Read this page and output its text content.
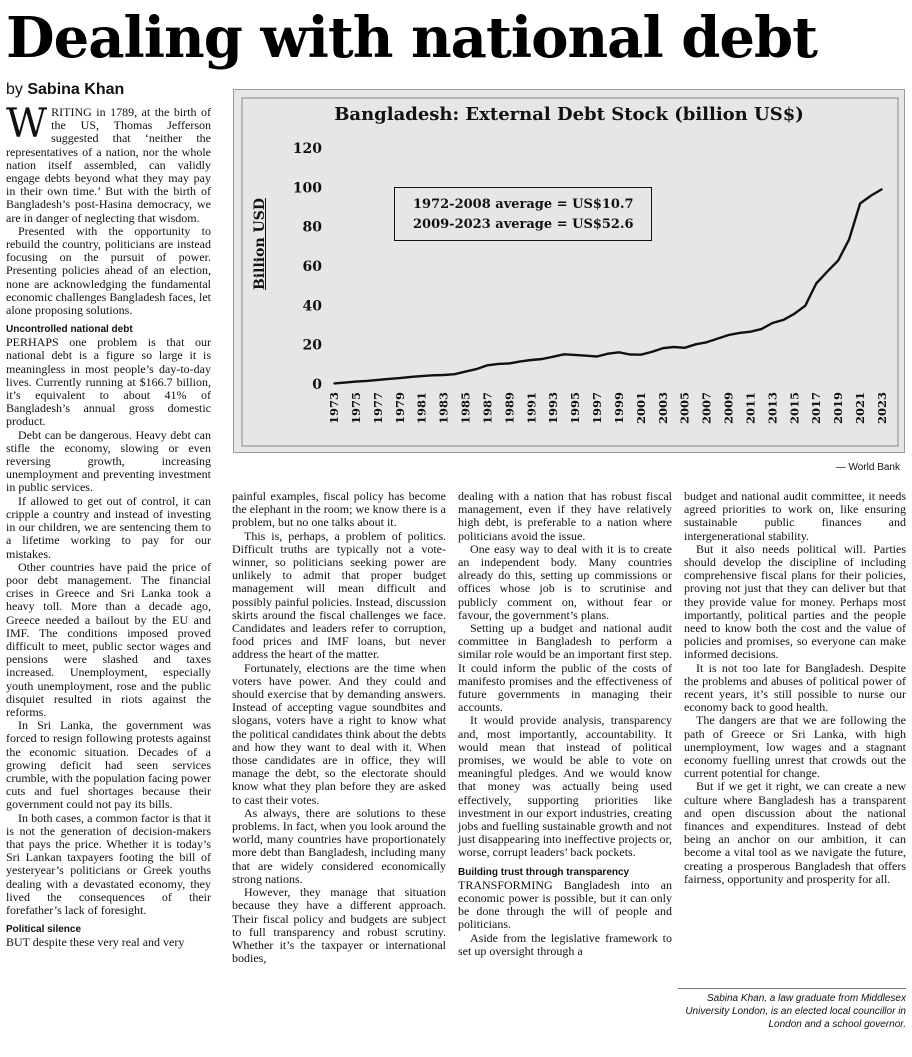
Dealing with national debt
by Sabina Khan

WRITING in 1789, at the birth of the US, Thomas Jefferson suggested that ‘neither the representatives of a nation, nor the whole nation itself assembled, can validly engage debts beyond what they may pay in their own time.’ But with the birth of Bangladesh’s post-Hasina democracy, we are in danger of neglecting that wisdom.

Presented with the opportunity to rebuild the country, politicians are instead focusing on the pursuit of power. Presenting policies ahead of an election, none are acknowledging the fundamental economic challenges Bangladesh faces, let alone proposing solutions.

Uncontrolled national debt

PERHAPS one problem is that our national debt is a figure so large it is meaningless in most people’s day-to-day lives. Currently running at $166.7 billion, it’s equivalent to about 41% of Bangladesh’s annual gross domestic product.

Debt can be dangerous. Heavy debt can stifle the economy, slowing or even reversing growth, increasing unemployment and preventing investment in public services.

If allowed to get out of control, it can cripple a country and instead of investing in our children, we are sentencing them to a lifetime working to pay for our mistakes.

Other countries have paid the price of poor debt management. The financial crises in Greece and Sri Lanka took a heavy toll. More than a decade ago, Greece needed a bailout by the EU and IMF. The conditions imposed proved difficult to meet, public sector wages and pensions were slashed and taxes increased. Unemployment, especially youth unemployment, rose and the public disquiet resulted in riots against the reforms.

In Sri Lanka, the government was forced to resign following protests against the economic situation. Decades of a growing deficit had seen services crumble, with the population facing power cuts and fuel shortages because their government could not pay its bills.

In both cases, a common factor is that it is not the generation of decision-makers that pays the price. Whether it is today’s Sri Lankan taxpayers footing the bill of yesteryear’s politicians or Greek youths dealing with a devastated economy, they lived the consequences of their forefather’s lack of foresight.

Political silence

BUT despite these very real and very

0
20
40
60
80
100
120
1973 1975 1977 1979 1981 1983 1985 1987 1989 1991 1993 1995 1997 1999 2001 2003 2005 2007 2009 2011 2013 2015 2017 2019 2021 2023
Bangladesh: External Debt Stock (billion US$)
Billion USD	1972-2008 average = US$10.7
2009-2023 average = US$52.6
— World Bank

painful examples, fiscal policy has become the elephant in the room; we know there is a problem, but no one talks about it.

This is, perhaps, a problem of politics. Difficult truths are typically not a vote-winner, so politicians seeking power are unlikely to admit that proper budget management will mean difficult and possibly painful policies. Instead, discussion skirts around the fiscal challenges we face. Candidates and leaders refer to corruption, food prices and IMF loans, but never address the heart of the matter.

Fortunately, elections are the time when voters have power. And they could and should exercise that by demanding answers. Instead of accepting vague soundbites and slogans, voters have a right to know what the political candidates think about the debts and how they want to deal with it. When those candidates are in office, they will manage the debt, so the electorate should know what they plan before they are asked to cast their votes.

As always, there are solutions to these problems. In fact, when you look around the world, many countries have proportionately more debt than Bangladesh, including many that are widely considered economically strong nations.

However, they manage that situation because they have a different approach. Their fiscal policy and budgets are subject to full transparency and robust scrutiny. Whether it’s the taxpayer or international bodies,

dealing with a nation that has robust fiscal management, even if they have relatively high debt, is preferable to a nation where politicians avoid the issue.

One easy way to deal with it is to create an independent body. Many countries already do this, setting up commissions or offices whose job is to scrutinise and publicly comment on, without fear or favour, the government’s plans.

Setting up a budget and national audit committee in Bangladesh to perform a similar role would be an important first step. It could inform the public of the costs of manifesto promises and the effectiveness of future governments in managing their accounts.

It would provide analysis, transparency and, most importantly, accountability. It would mean that instead of political promises, we would be able to vote on meaningful pledges. And we would know that money was actually being used effectively, supporting priorities like investment in our export industries, creating jobs and fuelling sustainable growth and not just disappearing into ineffective projects or, worse, corrupt leaders’ back pockets.

Building trust through transparency

TRANSFORMING Bangladesh into an economic power is possible, but it can only be done through the will of people and politicians.

Aside from the legislative framework to set up oversight through a

budget and national audit committee, it needs agreed priorities to work on, like ensuring sustainable public finances and intergenerational stability.

But it also needs political will. Parties should develop the discipline of including comprehensive fiscal plans for their policies, proving not just that they can deliver but that they provide value for money. Perhaps most importantly, political parties and the people need to know both the cost and the value of policies and promises, so everyone can make informed decisions.

It is not too late for Bangladesh. Despite the problems and abuses of political power of recent years, it’s still possible to nurse our economy back to good health.

The dangers are that we are following the path of Greece or Sri Lanka, with high unemployment, low wages and a stagnant economy fuelling unrest that crowds out the current potential for change.

But if we get it right, we can create a new culture where Bangladesh has a transparent and open discussion about the national finances and expenditures. Instead of debt being an anchor on our ambition, it can become a vital tool as we navigate the future, creating a prosperous Bangladesh that offers fairness, opportunity and prosperity for all.

Sabina Khan, a law graduate from Middlesex University London, is an elected local councillor in London and a school governor.
